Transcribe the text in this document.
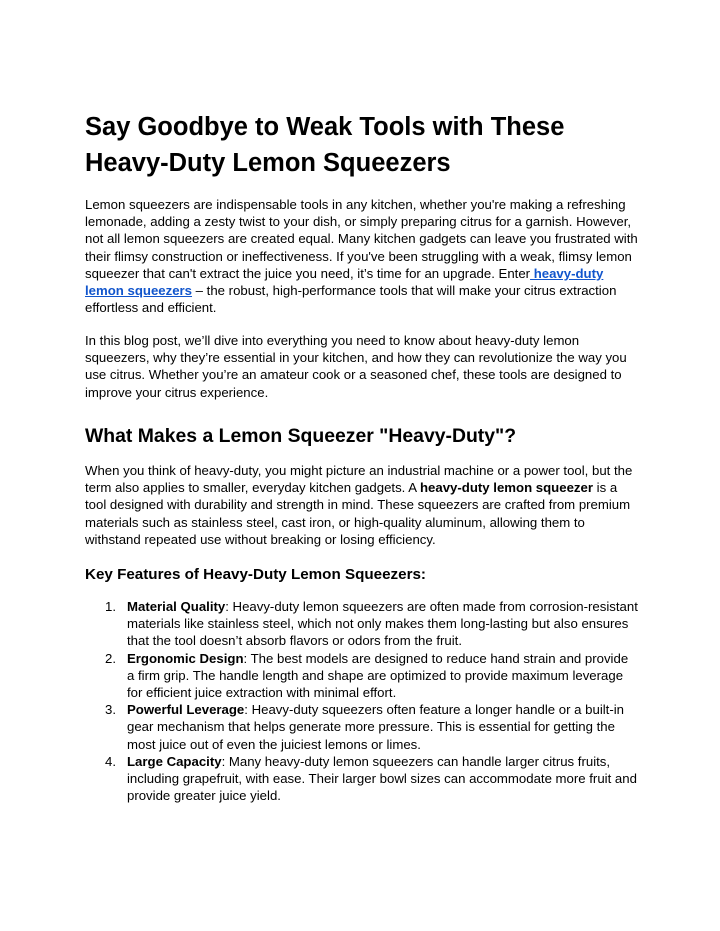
Say Goodbye to Weak Tools with These Heavy-Duty Lemon Squeezers

Lemon squeezers are indispensable tools in any kitchen, whether you're making a refreshing lemonade, adding a zesty twist to your dish, or simply preparing citrus for a garnish. However, not all lemon squeezers are created equal. Many kitchen gadgets can leave you frustrated with their flimsy construction or ineffectiveness. If you've been struggling with a weak, flimsy lemon squeezer that can't extract the juice you need, it’s time for an upgrade. Enter heavy-duty lemon squeezers – the robust, high-performance tools that will make your citrus extraction effortless and efficient.

In this blog post, we’ll dive into everything you need to know about heavy-duty lemon squeezers, why they’re essential in your kitchen, and how they can revolutionize the way you use citrus. Whether you’re an amateur cook or a seasoned chef, these tools are designed to improve your citrus experience.

What Makes a Lemon Squeezer "Heavy-Duty"?

When you think of heavy-duty, you might picture an industrial machine or a power tool, but the term also applies to smaller, everyday kitchen gadgets. A heavy-duty lemon squeezer is a tool designed with durability and strength in mind. These squeezers are crafted from premium materials such as stainless steel, cast iron, or high-quality aluminum, allowing them to withstand repeated use without breaking or losing efficiency.

Key Features of Heavy-Duty Lemon Squeezers:
1. Material Quality: Heavy-duty lemon squeezers are often made from corrosion-resistant materials like stainless steel, which not only makes them long-lasting but also ensures that the tool doesn’t absorb flavors or odors from the fruit.
2. Ergonomic Design: The best models are designed to reduce hand strain and provide a firm grip. The handle length and shape are optimized to provide maximum leverage for efficient juice extraction with minimal effort.
3. Powerful Leverage: Heavy-duty squeezers often feature a longer handle or a built-in gear mechanism that helps generate more pressure. This is essential for getting the most juice out of even the juiciest lemons or limes.
4. Large Capacity: Many heavy-duty lemon squeezers can handle larger citrus fruits, including grapefruit, with ease. Their larger bowl sizes can accommodate more fruit and provide greater juice yield.
